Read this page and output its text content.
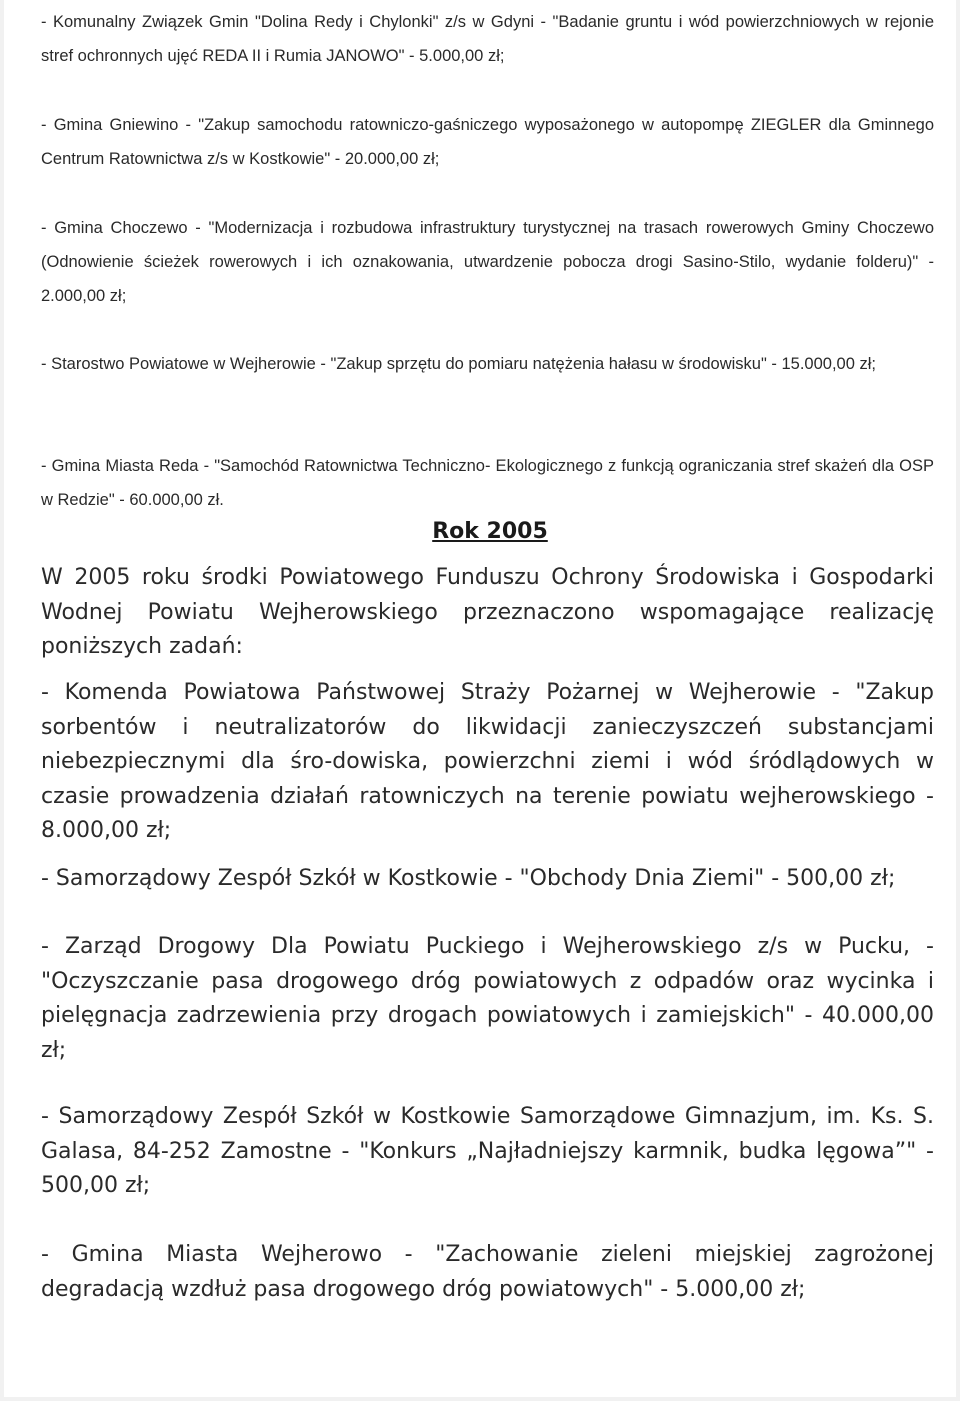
- Komunalny Związek Gmin "Dolina Redy i Chylonki" z/s w Gdyni - "Badanie gruntu i wód powierzchniowych w rejonie stref ochronnych ujęć REDA II i Rumia JANOWO" - 5.000,00 zł;

- Gmina Gniewino - "Zakup samochodu ratowniczo-gaśniczego wyposażonego w autopompę ZIEGLER dla Gminnego Centrum Ratownictwa z/s w Kostkowie" - 20.000,00 zł;

- Gmina Choczewo - "Modernizacja i rozbudowa infrastruktury turystycznej na trasach rowerowych Gminy Choczewo (Odnowienie ścieżek rowerowych i ich oznakowania, utwardzenie pobocza drogi Sasino-Stilo, wydanie folderu)" - 2.000,00 zł;

- Starostwo Powiatowe w Wejherowie - "Zakup sprzętu do pomiaru natężenia hałasu w środowisku" - 15.000,00 zł;

- Gmina Miasta Reda - "Samochód Ratownictwa Techniczno- Ekologicznego z funkcją ograniczania stref skażeń dla OSP w Redzie" - 60.000,00 zł.

Rok 2005

W 2005 roku środki Powiatowego Funduszu Ochrony Środowiska i Gospodarki Wodnej Powiatu Wejherowskiego przeznaczono wspomagające realizację poniższych zadań:

- Komenda Powiatowa Państwowej Straży Pożarnej w Wejherowie - "Zakup sorbentów i neutralizatorów do likwidacji zanieczyszczeń substancjami niebezpiecznymi dla śro-dowiska, powierzchni ziemi i wód śródlądowych w czasie prowadzenia działań ratowniczych na terenie powiatu wejherowskiego - 8.000,00 zł;

- Samorządowy Zespół Szkół w Kostkowie - "Obchody Dnia Ziemi" - 500,00 zł;

- Zarząd Drogowy Dla Powiatu Puckiego i Wejherowskiego z/s w Pucku, - "Oczyszczanie pasa drogowego dróg powiatowych z odpadów oraz wycinka i pielęgnacja zadrzewienia przy drogach powiatowych i zamiejskich" - 40.000,00 zł;

- Samorządowy Zespół Szkół w Kostkowie Samorządowe Gimnazjum, im. Ks. S. Galasa, 84-252 Zamostne - "Konkurs „Najładniejszy karmnik, budka lęgowa”" - 500,00 zł;

- Gmina Miasta Wejherowo - "Zachowanie zieleni miejskiej zagrożonej degradacją wzdłuż pasa drogowego dróg powiatowych" - 5.000,00 zł;
